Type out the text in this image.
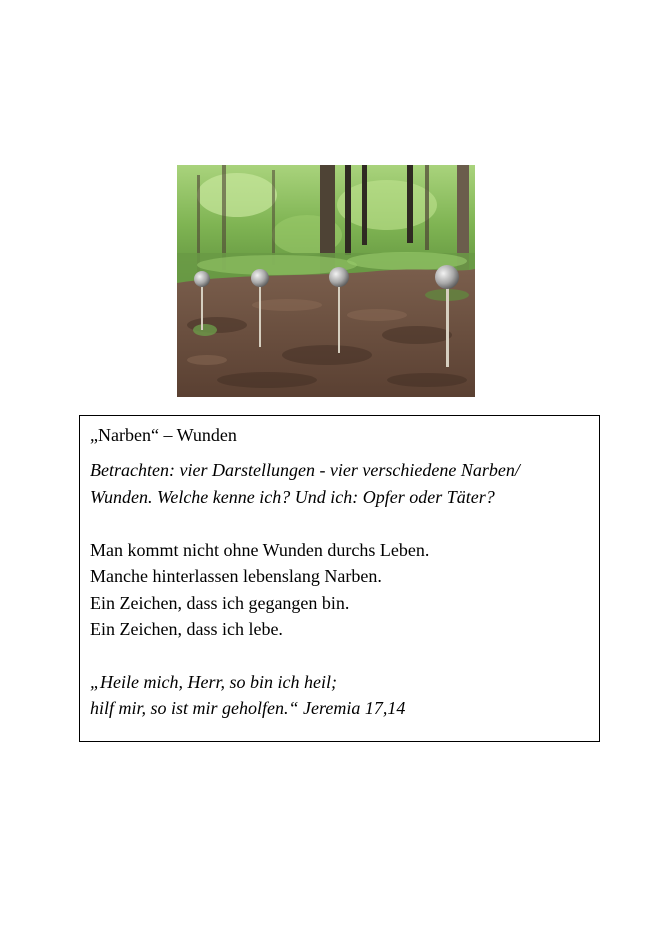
„Narben“ – Wunden
Betrachten: vier Darstellungen - vier verschiedene Narben/
Wunden. Welche kenne ich? Und ich: Opfer oder Täter?
Man kommt nicht ohne Wunden durchs Leben.
Manche hinterlassen lebenslang Narben.
Ein Zeichen, dass ich gegangen bin.
Ein Zeichen, dass ich lebe.
„Heile mich, Herr, so bin ich heil;
hilf mir, so ist mir geholfen.“ Jeremia 17,14
